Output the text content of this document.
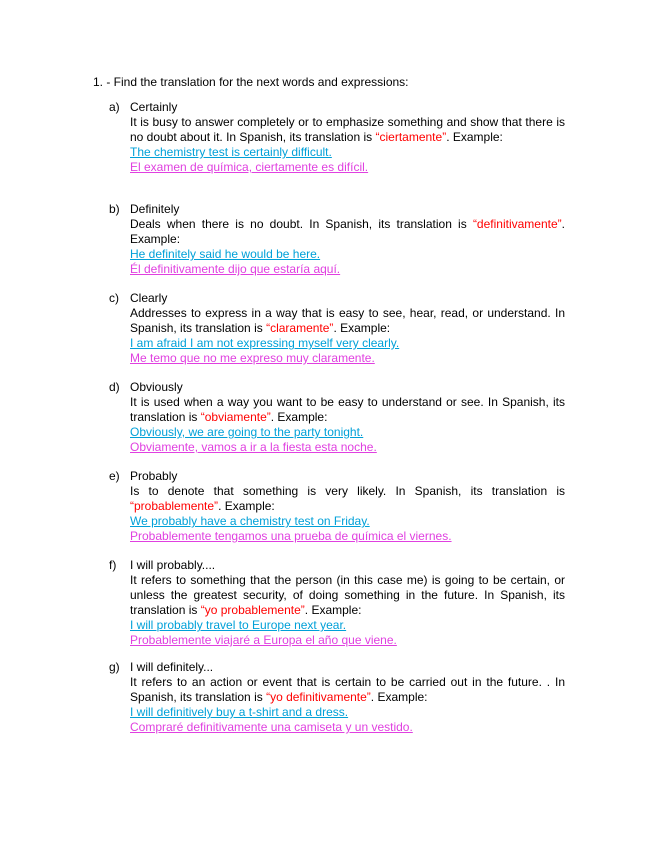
1. - Find the translation for the next words and expressions:
a) Certainly
It is busy to answer completely or to emphasize something and show that there is no doubt about it. In Spanish, its translation is “ciertamente”. Example:
The chemistry test is certainly difficult.
El examen de química, ciertamente es difícil.
b) Definitely
Deals when there is no doubt. In Spanish, its translation is “definitivamente”. Example:
He definitely said he would be here.
Él definitivamente dijo que estaría aquí.
c) Clearly
Addresses to express in a way that is easy to see, hear, read, or understand. In Spanish, its translation is “claramente”. Example:
I am afraid I am not expressing myself very clearly.
Me temo que no me expreso muy claramente.
d) Obviously
It is used when a way you want to be easy to understand or see. In Spanish, its translation is “obviamente”. Example:
Obviously, we are going to the party tonight.
Obviamente, vamos a ir a la fiesta esta noche.
e) Probably
Is to denote that something is very likely. In Spanish, its translation is “probablemente”. Example:
We probably have a chemistry test on Friday.
Probablemente tengamos una prueba de química el viernes.
f) I will probably....
It refers to something that the person (in this case me) is going to be certain, or unless the greatest security, of doing something in the future. In Spanish, its translation is “yo probablemente”. Example:
I will probably travel to Europe next year.
Probablemente viajaré a Europa el año que viene.
g) I will definitely...
It refers to an action or event that is certain to be carried out in the future. . In Spanish, its translation is “yo definitivamente”. Example:
I will definitively buy a t-shirt and a dress.
Compraré definitivamente una camiseta y un vestido.
